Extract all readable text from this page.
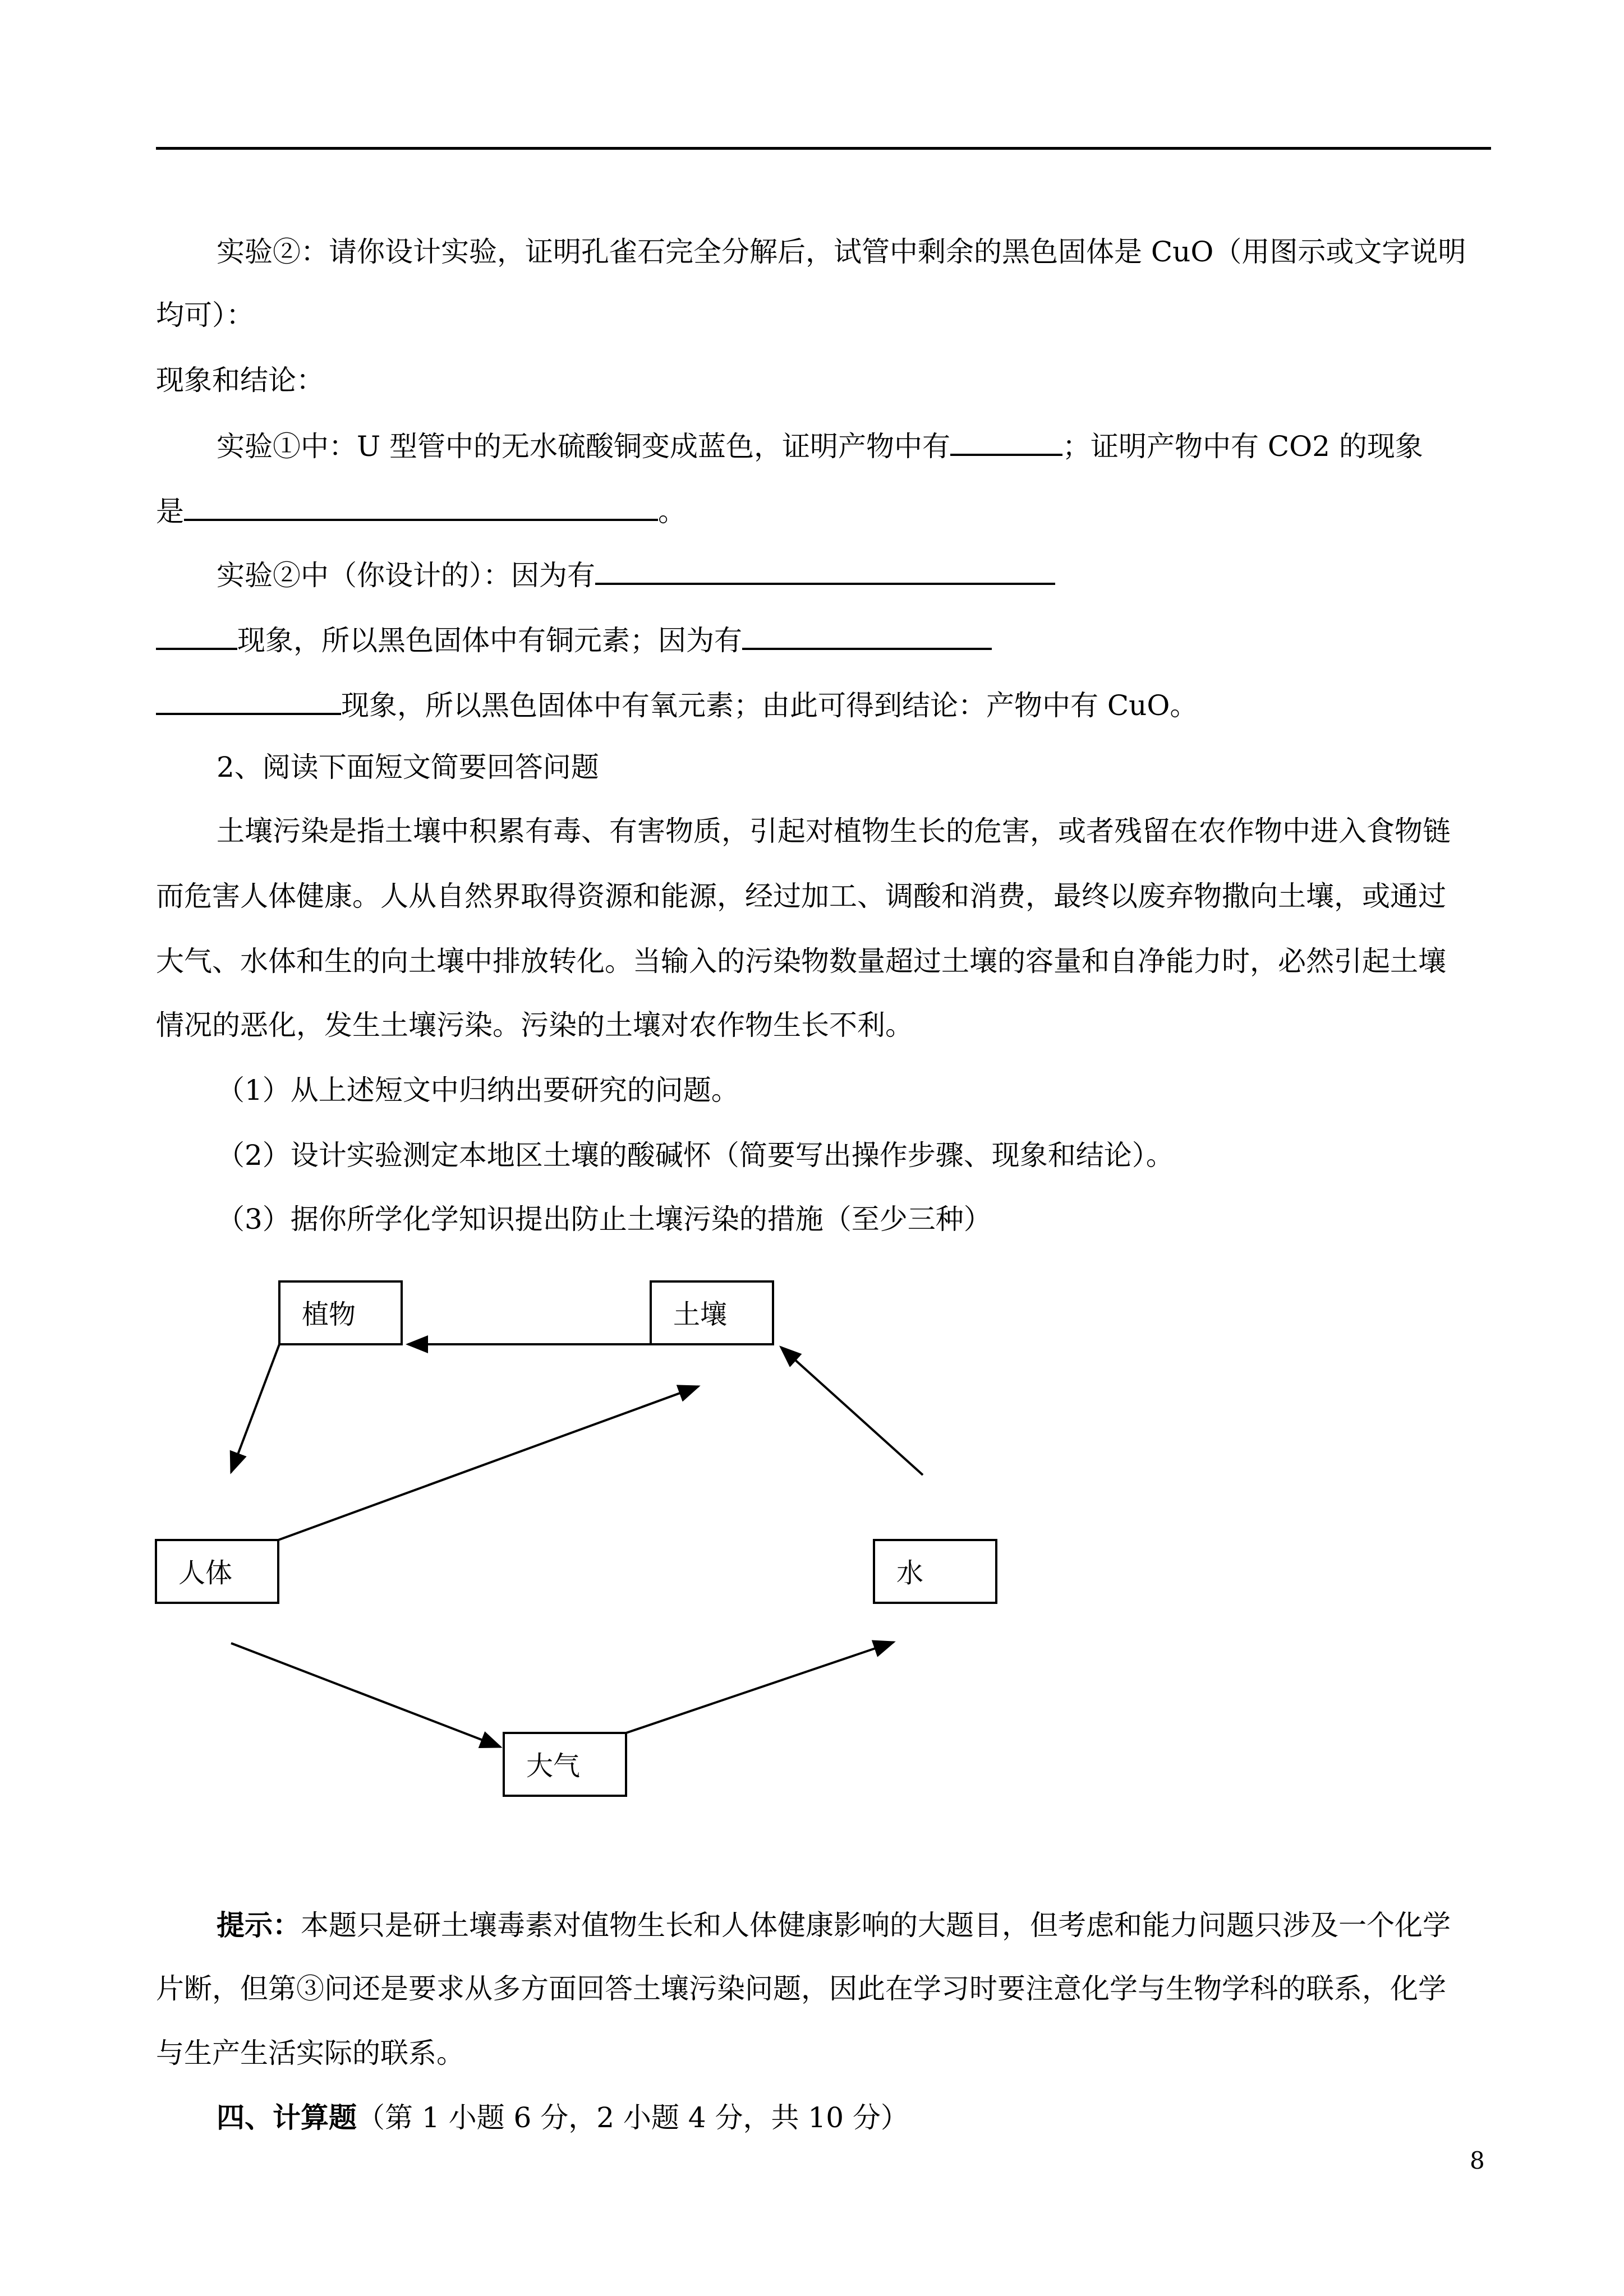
实验②：请你设计实验，证明孔雀石完全分解后，试管中剩余的黑色固体是 CuO（用图示或文字说明
均可）：
现象和结论：
实验①中：U 型管中的无水硫酸铜变成蓝色，证明产物中有	；证明产物中有 CO2 的现象
是	。
实验②中（你设计的）：因为有
现象，所以黑色固体中有铜元素；因为有
现象，所以黑色固体中有氧元素；由此可得到结论：产物中有 CuO。
2、阅读下面短文简要回答问题
土壤污染是指土壤中积累有毒、有害物质，引起对植物生长的危害，或者残留在农作物中进入食物链
而危害人体健康。人从自然界取得资源和能源，经过加工、调酸和消费，最终以废弃物撒向土壤，或通过
大气、水体和生的向土壤中排放转化。当输入的污染物数量超过土壤的容量和自净能力时，必然引起土壤
情况的恶化，发生土壤污染。污染的土壤对农作物生长不利。
（1）从上述短文中归纳出要研究的问题。
（2）设计实验测定本地区土壤的酸碱怀（简要写出操作步骤、现象和结论）。
（3）据你所学化学知识提出防止土壤污染的措施（至少三种）
植物	土壤
人体	水
大气
提示：本题只是研土壤毒素对值物生长和人体健康影响的大题目，但考虑和能力问题只涉及一个化学
片断，但第③问还是要求从多方面回答土壤污染问题，因此在学习时要注意化学与生物学科的联系，化学
与生产生活实际的联系。
四、计算题（第 1 小题 6 分，2 小题 4 分，共 10 分）
8
